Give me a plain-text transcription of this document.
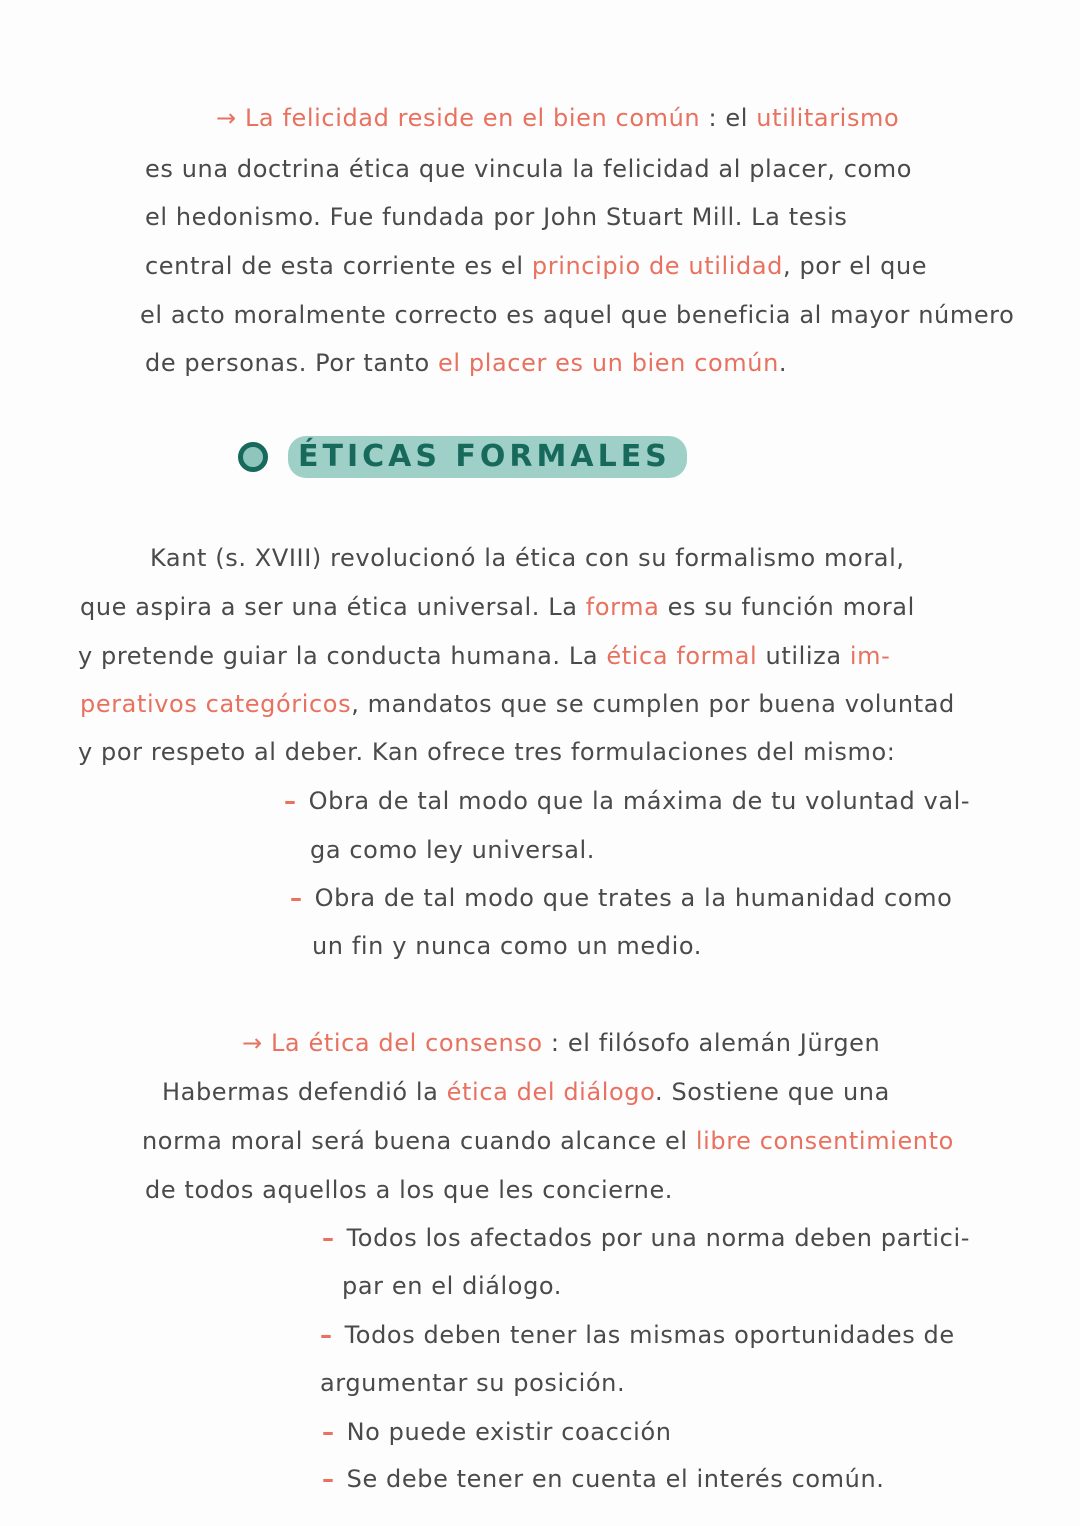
→ La felicidad reside en el bien común : el utilitarismo
es una doctrina ética que vincula la felicidad al placer, como
el hedonismo. Fue fundada por John Stuart Mill. La tesis
central de esta corriente es el principio de utilidad, por el que
el acto moralmente correcto es aquel que beneficia al mayor número
de personas. Por tanto el placer es un bien común.
ÉTICAS FORMALES
Kant (s. XVIII) revolucionó la ética con su formalismo moral,
que aspira a ser una ética universal. La forma es su función moral
y pretende guiar la conducta humana. La ética formal utiliza im-
perativos categóricos, mandatos que se cumplen por buena voluntad
y por respeto al deber. Kan ofrece tres formulaciones del mismo:
– Obra de tal modo que la máxima de tu voluntad val-
ga como ley universal.
– Obra de tal modo que trates a la humanidad como
un fin y nunca como un medio.
→ La ética del consenso : el filósofo alemán Jürgen
Habermas defendió la ética del diálogo. Sostiene que una
norma moral será buena cuando alcance el libre consentimiento
de todos aquellos a los que les concierne.
– Todos los afectados por una norma deben partici-
par en el diálogo.
– Todos deben tener las mismas oportunidades de
argumentar su posición.
– No puede existir coacción
– Se debe tener en cuenta el interés común.
